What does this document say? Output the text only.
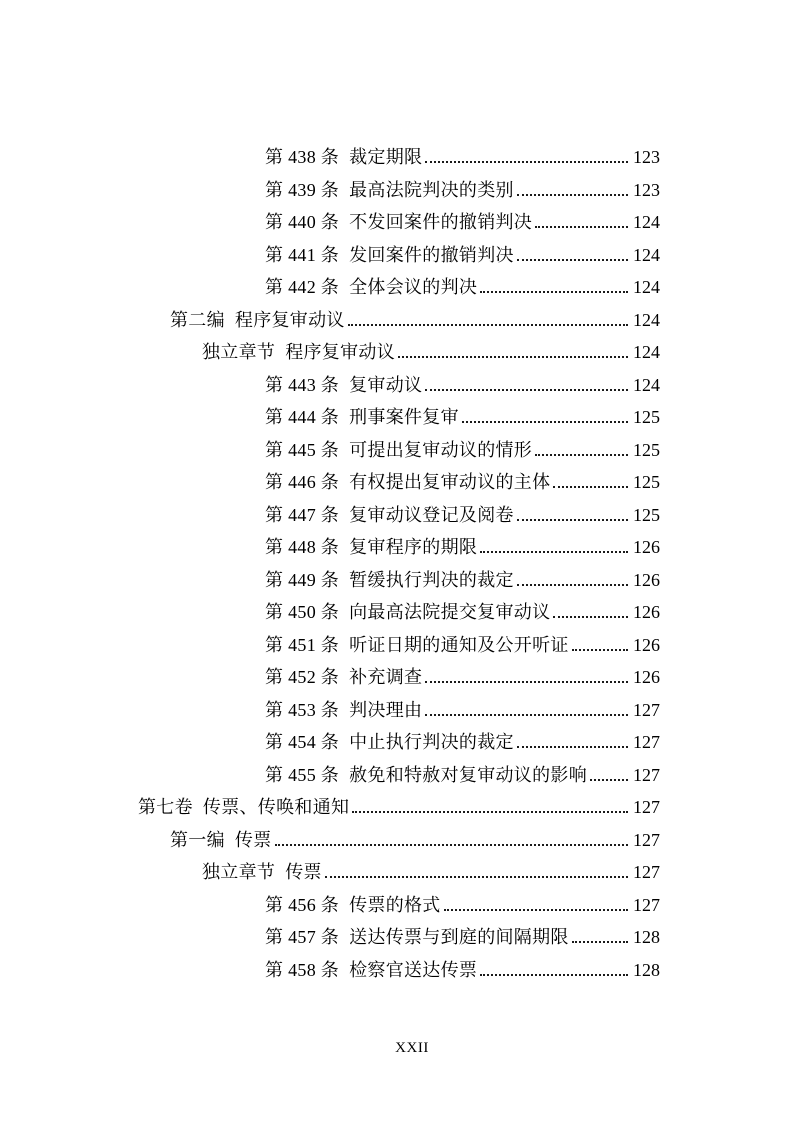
第 438 条 裁定期限	123
第 439 条 最高法院判决的类别	123
第 440 条 不发回案件的撤销判决	124
第 441 条 发回案件的撤销判决	124
第 442 条 全体会议的判决	124
第二编 程序复审动议	124
独立章节 程序复审动议	124
第 443 条 复审动议	124
第 444 条 刑事案件复审	125
第 445 条 可提出复审动议的情形	125
第 446 条 有权提出复审动议的主体	125
第 447 条 复审动议登记及阅卷	125
第 448 条 复审程序的期限	126
第 449 条 暂缓执行判决的裁定	126
第 450 条 向最高法院提交复审动议	126
第 451 条 听证日期的通知及公开听证	126
第 452 条 补充调查	126
第 453 条 判决理由	127
第 454 条 中止执行判决的裁定	127
第 455 条 赦免和特赦对复审动议的影响	127
第七卷 传票、传唤和通知	127
第一编 传票	127
独立章节 传票	127
第 456 条 传票的格式	127
第 457 条 送达传票与到庭的间隔期限	128
第 458 条 检察官送达传票	128
XXII
